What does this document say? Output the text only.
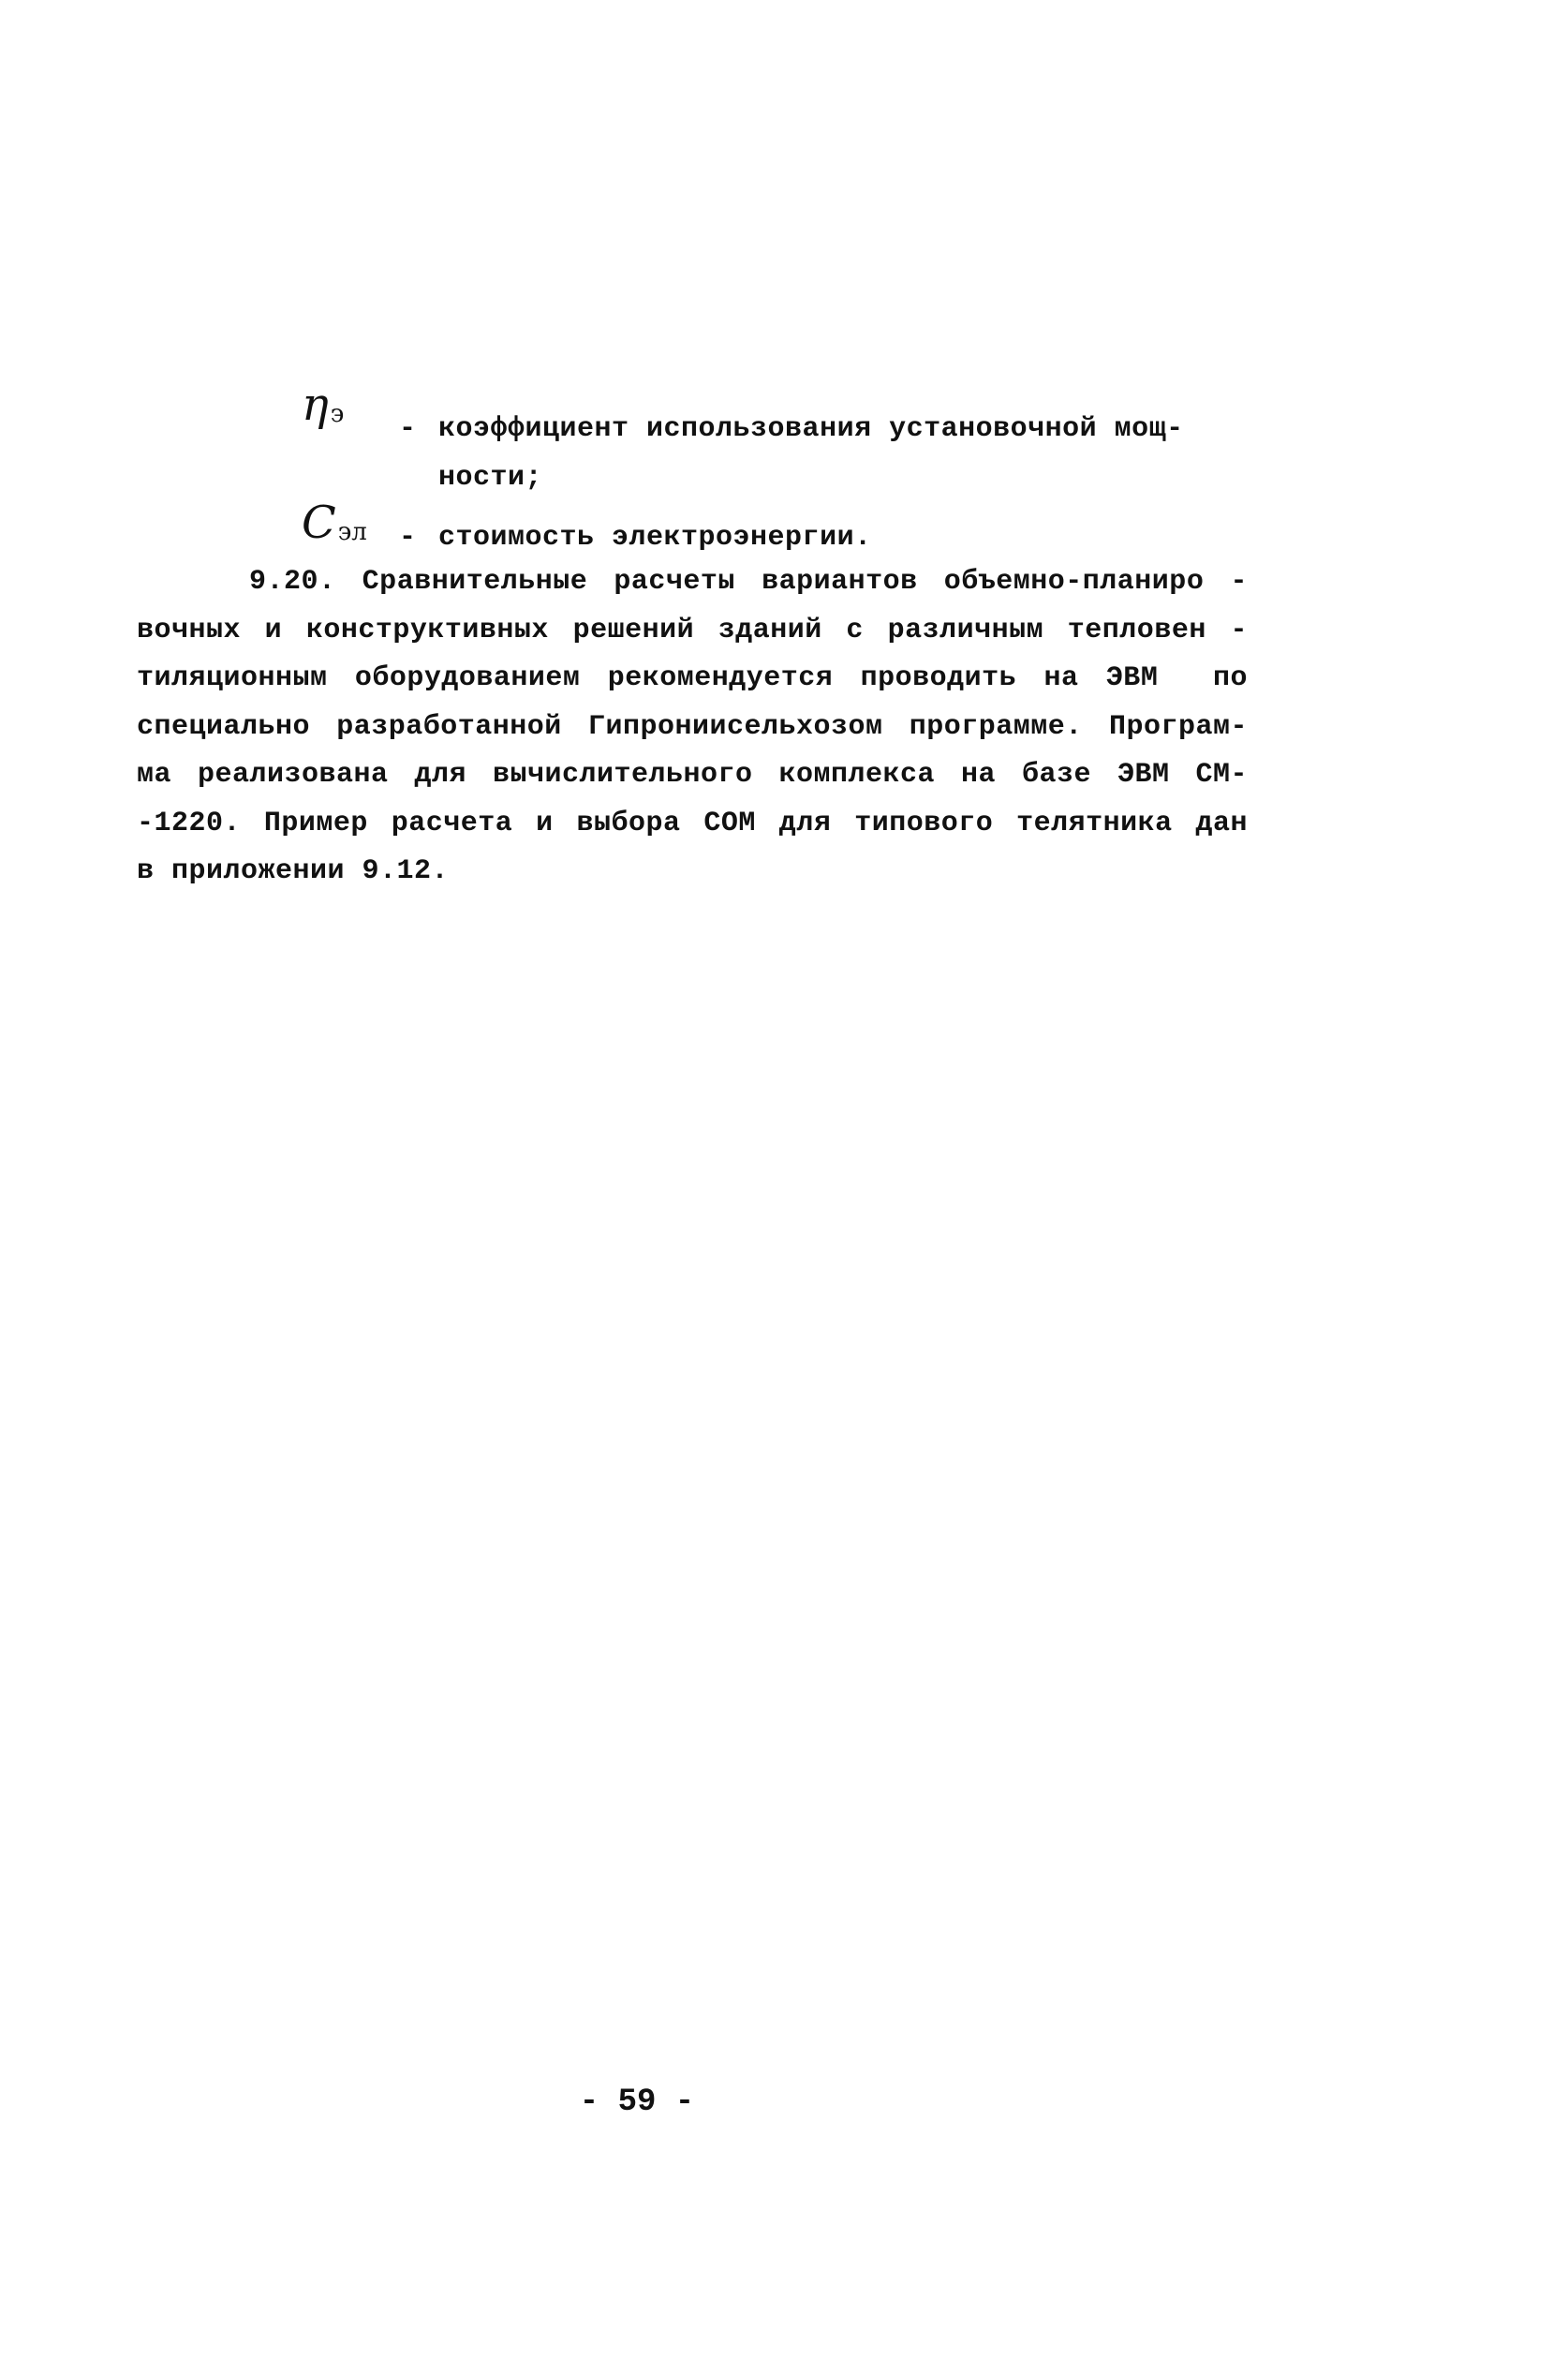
ηэ	- коэффициент использования установочной мощ-
ности;
Cэл	- стоимость электроэнергии.
9.20. Сравнительные расчеты вариантов объемно-планиро -
вочных и конструктивных решений зданий с различным тепловен -
тиляционным оборудованием рекомендуется проводить на ЭВМ  по
специально разработанной Гипрониисельхозом программе. Програм-
ма реализована для вычислительного комплекса на базе ЭВМ СМ-
-1220. Пример расчета и выбора СОМ для типового телятника дан
в приложении 9.12.
- 59 -
